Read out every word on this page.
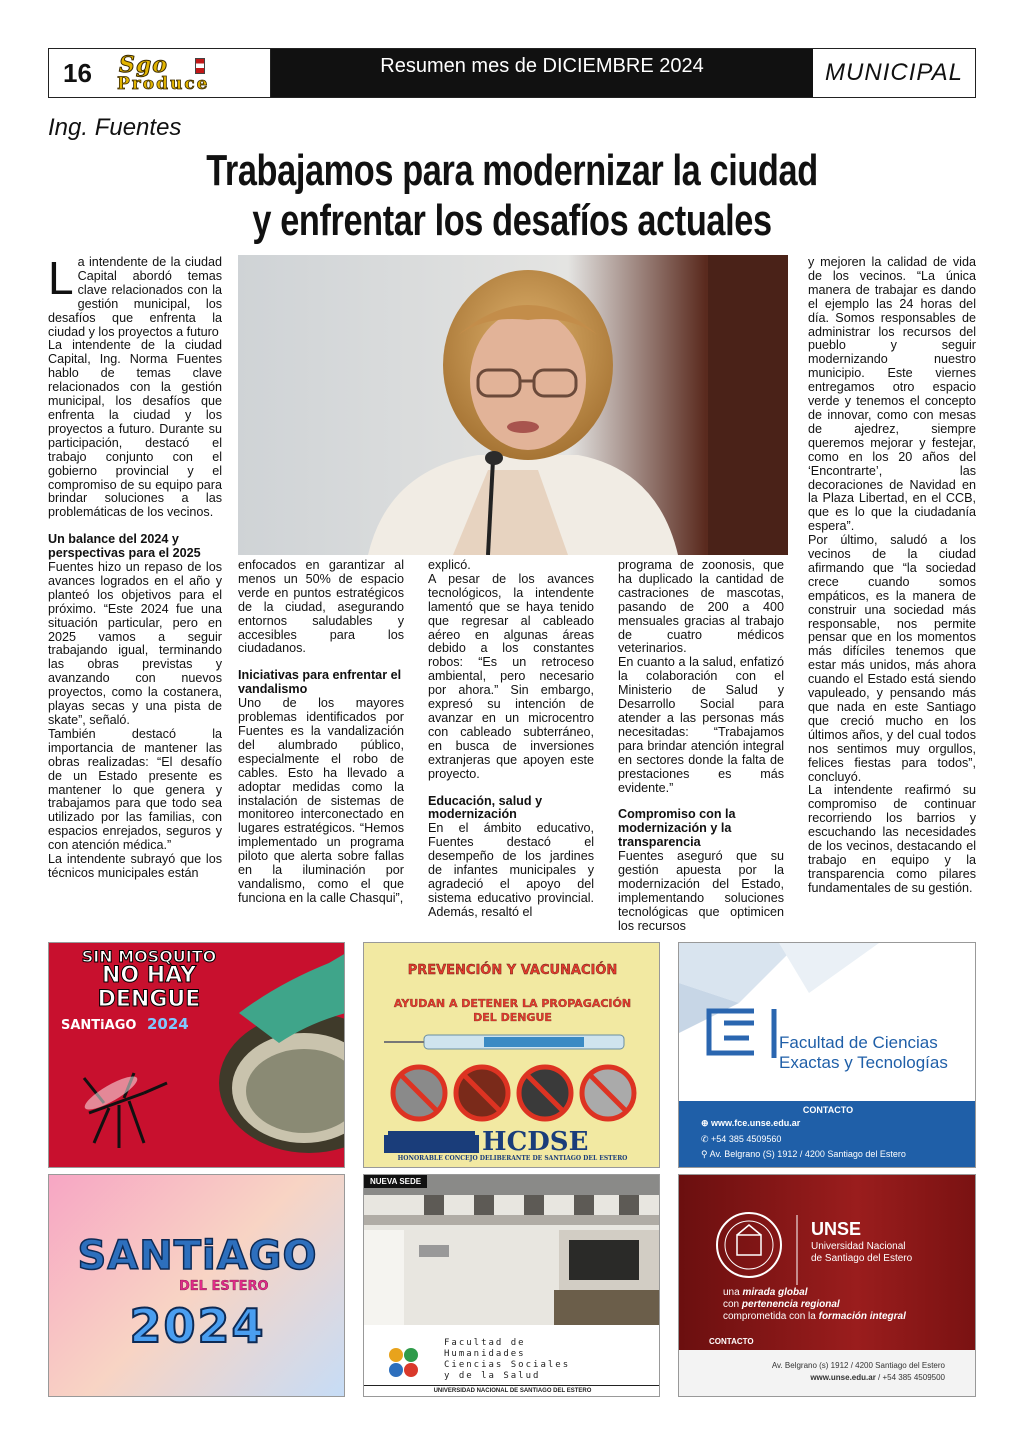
16	Sgo
Produce
Resumen mes de DICIEMBRE 2024	MUNICIPAL
Ing. Fuentes
Trabajamos para modernizar la ciudad
y enfrentar los desafíos actuales

La intendente de la ciudad Capital abordó temas clave relacionados con la gestión municipal, los desafíos que enfrenta la ciudad y los proyectos a futuro

La intendente de la ciudad Capital, Ing. Norma Fuentes hablo de temas clave relacionados con la gestión municipal, los desafíos que enfrenta la ciudad y los proyectos a futuro. Durante su participación, destacó el trabajo conjunto con el gobierno provincial y el compromiso de su equipo para brindar soluciones a las problemáticas de los vecinos.

Un balance del 2024 y perspectivas para el 2025

Fuentes hizo un repaso de los avances logrados en el año y planteó los objetivos para el próximo. “Este 2024 fue una situación particular, pero en 2025 vamos a seguir trabajando igual, terminando las obras previstas y avanzando con nuevos proyectos, como la costanera, playas secas y una pista de skate”, señaló.

También destacó la importancia de mantener las obras realizadas: “El desafío de un Estado presente es mantener lo que genera y trabajamos para que todo sea utilizado por las familias, con espacios enrejados, seguros y con atención médica.”

La intendente subrayó que los técnicos municipales están

enfocados en garantizar al menos un 50% de espacio verde en puntos estratégicos de la ciudad, asegurando entornos saludables y accesibles para los ciudadanos.

Iniciativas para enfrentar el vandalismo

Uno de los mayores problemas identificados por Fuentes es la vandalización del alumbrado público, especialmente el robo de cables. Esto ha llevado a adoptar medidas como la instalación de sistemas de monitoreo interconectado en lugares estratégicos. “Hemos implementado un programa piloto que alerta sobre fallas en la iluminación por vandalismo, como el que funciona en la calle Chasqui”,

explicó.

A pesar de los avances tecnológicos, la intendente lamentó que se haya tenido que regresar al cableado aéreo en algunas áreas debido a los constantes robos: “Es un retroceso ambiental, pero necesario por ahora.” Sin embargo, expresó su intención de avanzar en un microcentro con cableado subterráneo, en busca de inversiones extranjeras que apoyen este proyecto.

Educación, salud y modernización

En el ámbito educativo, Fuentes destacó el desempeño de los jardines de infantes municipales y agradeció el apoyo del sistema educativo provincial. Además, resaltó el

programa de zoonosis, que ha duplicado la cantidad de castraciones de mascotas, pasando de 200 a 400 mensuales gracias al trabajo de cuatro médicos veterinarios.

En cuanto a la salud, enfatizó la colaboración con el Ministerio de Salud y Desarrollo Social para atender a las personas más necesitadas: “Trabajamos para brindar atención integral en sectores donde la falta de prestaciones es más evidente.”

Compromiso con la modernización y la transparencia

Fuentes aseguró que su gestión apuesta por la modernización del Estado, implementando soluciones tecnológicas que optimicen los recursos

y mejoren la calidad de vida de los vecinos. “La única manera de trabajar es dando el ejemplo las 24 horas del día. Somos responsables de administrar los recursos del pueblo y seguir modernizando nuestro municipio. Este viernes entregamos otro espacio verde y tenemos el concepto de innovar, como con mesas de ajedrez, siempre queremos mejorar y festejar, como en los 20 años del ‘Encontrarte’, las decoraciones de Navidad en la Plaza Libertad, en el CCB, que es lo que la ciudadanía espera”.

Por último, saludó a los vecinos de la ciudad afirmando que “la sociedad crece cuando somos empáticos, es la manera de construir una sociedad más responsable, nos permite pensar que en los momentos más difíciles tenemos que estar más unidos, más ahora cuando el Estado está siendo vapuleado, y pensando más que nada en este Santiago que creció mucho en los últimos años, y del cual todos nos sentimos muy orgullos, felices fiestas para todos”, concluyó.

La intendente reafirmó su compromiso de continuar recorriendo los barrios y escuchando las necesidades de los vecinos, destacando el trabajo en equipo y la transparencia como pilares fundamentales de su gestión.

SIN MOSQUITO
NO HAY
DENGUE
SANTiAGO 2024
PREVENCIÓN Y VACUNACIÓN
AYUDAN A DETENER LA PROPAGACIÓN
DEL DENGUE
HCDSE
HONORABLE CONCEJO DELIBERANTE DE SANTIAGO DEL ESTERO
Facultad de Ciencias
Exactas y Tecnologías
CONTACTO
⊕ www.fce.unse.edu.ar
✆ +54 385 4509560
⚲ Av. Belgrano (S) 1912 / 4200 Santiago del Estero
SANTiAGO
DEL ESTERO
2024
NUEVA SEDE
Facultad de
Humanidades
Ciencias Sociales
y de la Salud
UNIVERSIDAD NACIONAL DE SANTIAGO DEL ESTERO
UNSE
Universidad Nacional
de Santiago del Estero
una mirada global
con pertenencia regional
comprometida con la formación integral
CONTACTO
Av. Belgrano (s) 1912 / 4200 Santiago del Estero
www.unse.edu.ar / +54 385 4509500
